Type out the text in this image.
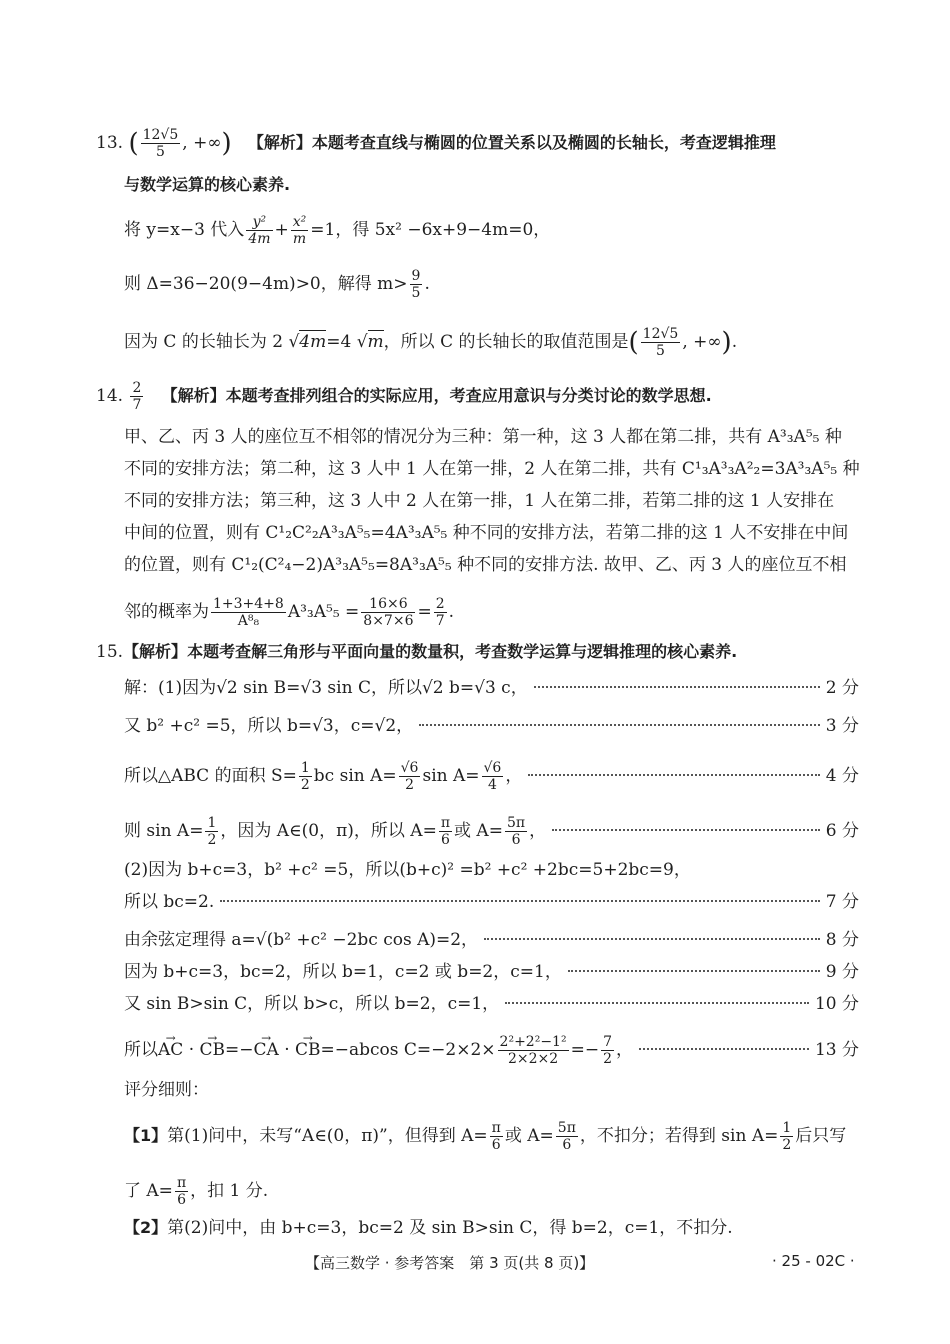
13. ( $\frac{12√5}{5}$ , +∞) 【解析】本题考查直线与椭圆的位置关系以及椭圆的长轴长，考查逻辑推理
与数学运算的核心素养.
将 y=x−3 代入 $\frac{\text{y²}}{4m} + \frac{\text{x²}}{m} =1$，得 5x² −6x+9−4m=0，
则 Δ=36−20(9−4m)>0，解得 $m> \frac{9}{5}$ .
因为 C 的长轴长为 2 √4m=4 √m，所以 C 的长轴长的取值范围是( $\frac{12√5}{5}$ , +∞).
14. $\frac{2}{7}$ 【解析】本题考查排列组合的实际应用，考查应用意识与分类讨论的数学思想.
甲、乙、丙 3 人的座位互不相邻的情况分为三种：第一种，这 3 人都在第二排，共有 A³₃A⁵₅ 种
不同的安排方法；第二种，这 3 人中 1 人在第一排，2 人在第二排，共有 C¹₃A³₃A²₂=3A³₃A⁵₅ 种
不同的安排方法；第三种，这 3 人中 2 人在第一排，1 人在第二排，若第二排的这 1 人安排在
中间的位置，则有 C¹₂C²₂A³₃A⁵₅=4A³₃A⁵₅ 种不同的安排方法，若第二排的这 1 人不安排在中间
的位置，则有 C¹₂(C²₄−2)A³₃A⁵₅=8A³₃A⁵₅ 种不同的安排方法. 故甲、乙、丙 3 人的座位互不相
邻的概率为 $\frac{1+3+4+8}{\text{A⁸₈}} A^3_3A^5_5 = \frac{16\times 6}{8\times 7\times 6} = \frac{2}{7}$ .
15.【解析】本题考查解三角形与平面向量的数量积，考查数学运算与逻辑推理的核心素养.
解：(1)因为√2 sin B=√3 sin C，所以√2 b=√3 c，	2 分
又 b² +c² =5，所以 b=√3，c=√2，	3 分
所以△ABC 的面积 $S= \frac{1}{2}$ bc $\sin A= \frac{√6}{2}$ $\sin A= \frac{√6}{4}$ ，	4 分
则 $\sin A= \frac{1}{2}$ ，因为 A∈(0，π)，所以 $A= \frac{\pi}{6}$ 或 $A= \frac{5\pi}{6}$ ，	6 分
(2)因为 b+c=3，b² +c² =5，所以(b+c)² =b² +c² +2bc=5+2bc=9，
所以 bc=2.	7 分
由余弦定理得 a=√(b² +c² −2bc cos A)=2，	8 分
因为 b+c=3，bc=2，所以 b=1，c=2 或 b=2，c=1，	9 分
又 sin B>sin C，所以 b>c，所以 b=2，c=1，	10 分
所以→ AC · → CB=−→ CA · → CB=−abcos $C=-2\times 2\times \frac{\text{2²+2²−1²}}{2\times 2\times 2} =- \frac{7}{2}$ ，	13 分
评分细则：
【1】第(1)问中，未写“A∈(0，π)”，但得到 $A= \frac{\pi}{6}$ 或 $A= \frac{5\pi}{6}$ ，不扣分；若得到 $\sin A= \frac{1}{2}$ 后只写
了 $A= \frac{\pi}{6}$ ，扣 1 分.
【2】第(2)问中，由 b+c=3，bc=2 及 sin B>sin C，得 b=2，c=1，不扣分.
【高三数学 · 参考答案　第 3 页(共 8 页)】	· 25 - 02C ·
